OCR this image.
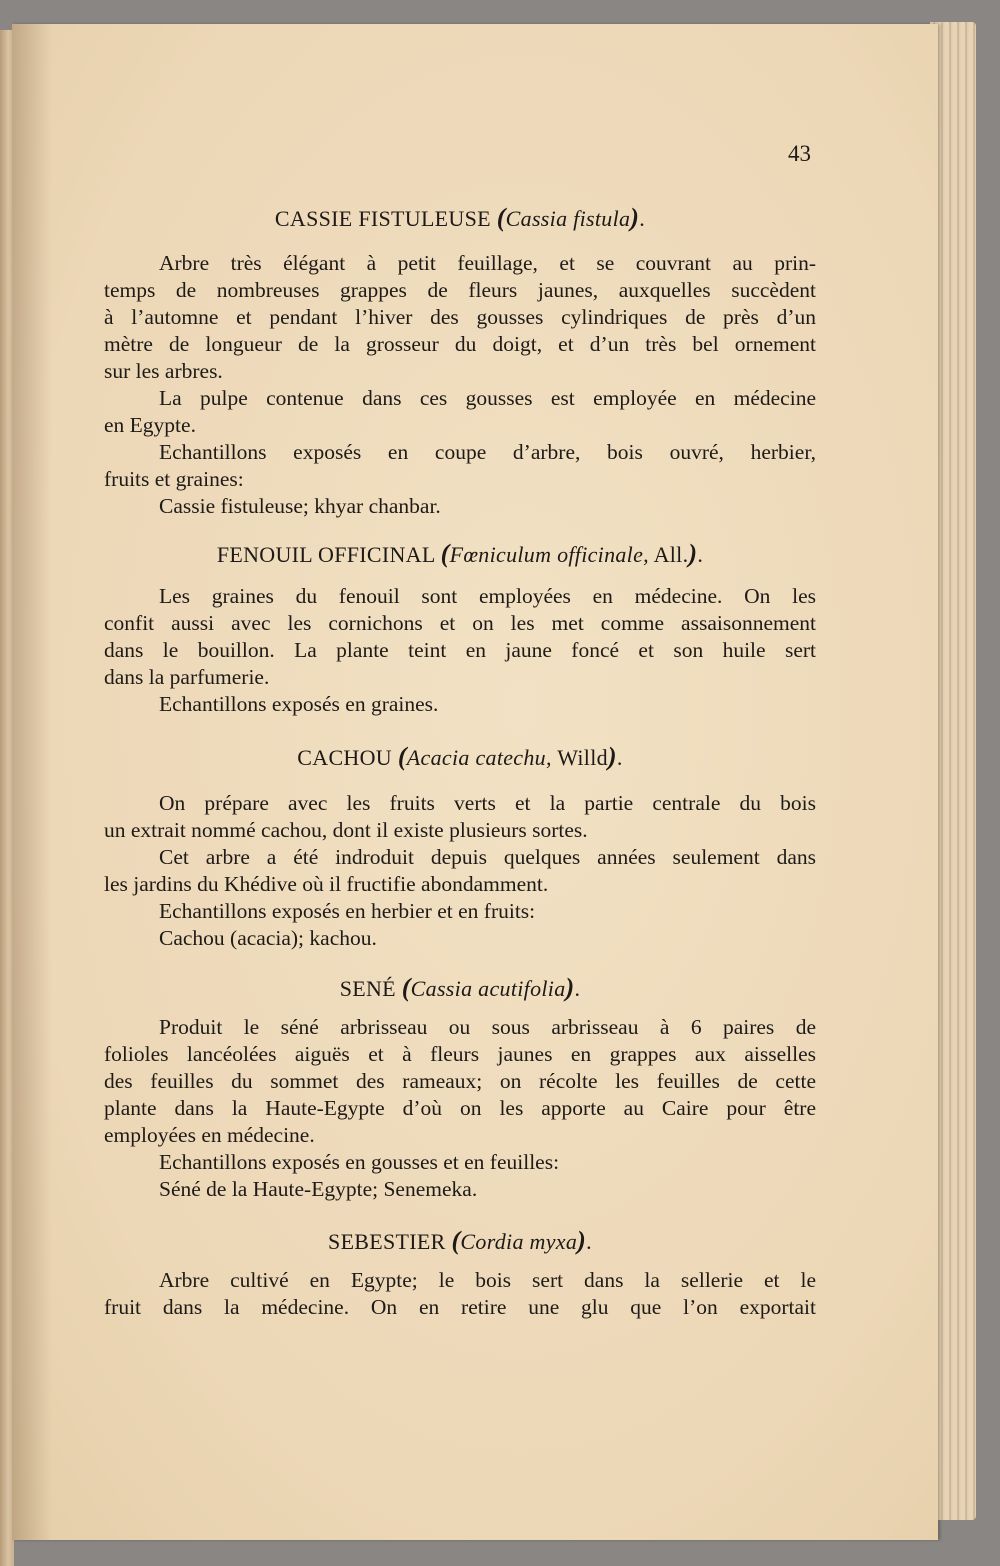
43
CASSIE FISTULEUSE (Cassia fistula).
Arbre très élégant à petit feuillage, et se couvrant au prin-
temps de nombreuses grappes de fleurs jaunes, auxquelles succèdent
à l’automne et pendant l’hiver des gousses cylindriques de près d’un
mètre de longueur de la grosseur du doigt, et d’un très bel ornement
sur les arbres.
La pulpe contenue dans ces gousses est employée en médecine
en Egypte.
Echantillons exposés en coupe d’arbre, bois ouvré, herbier,
fruits et graines:
Cassie fistuleuse; khyar chanbar.
FENOUIL OFFICINAL (Fœniculum officinale, All.).
Les graines du fenouil sont employées en médecine. On les
confit aussi avec les cornichons et on les met comme assaisonnement
dans le bouillon. La plante teint en jaune foncé et son huile sert
dans la parfumerie.
Echantillons exposés en graines.
CACHOU (Acacia catechu, Willd).
On prépare avec les fruits verts et la partie centrale du bois
un extrait nommé cachou, dont il existe plusieurs sortes.
Cet arbre a été indroduit depuis quelques années seulement dans
les jardins du Khédive où il fructifie abondamment.
Echantillons exposés en herbier et en fruits:
Cachou (acacia); kachou.
SENÉ (Cassia acutifolia).
Produit le séné arbrisseau ou sous arbrisseau à 6 paires de
folioles lancéolées aiguës et à fleurs jaunes en grappes aux aisselles
des feuilles du sommet des rameaux; on récolte les feuilles de cette
plante dans la Haute-Egypte d’où on les apporte au Caire pour être
employées en médecine.
Echantillons exposés en gousses et en feuilles:
Séné de la Haute-Egypte; Senemeka.
SEBESTIER (Cordia myxa).
Arbre cultivé en Egypte; le bois sert dans la sellerie et le
fruit dans la médecine. On en retire une glu que l’on exportait
